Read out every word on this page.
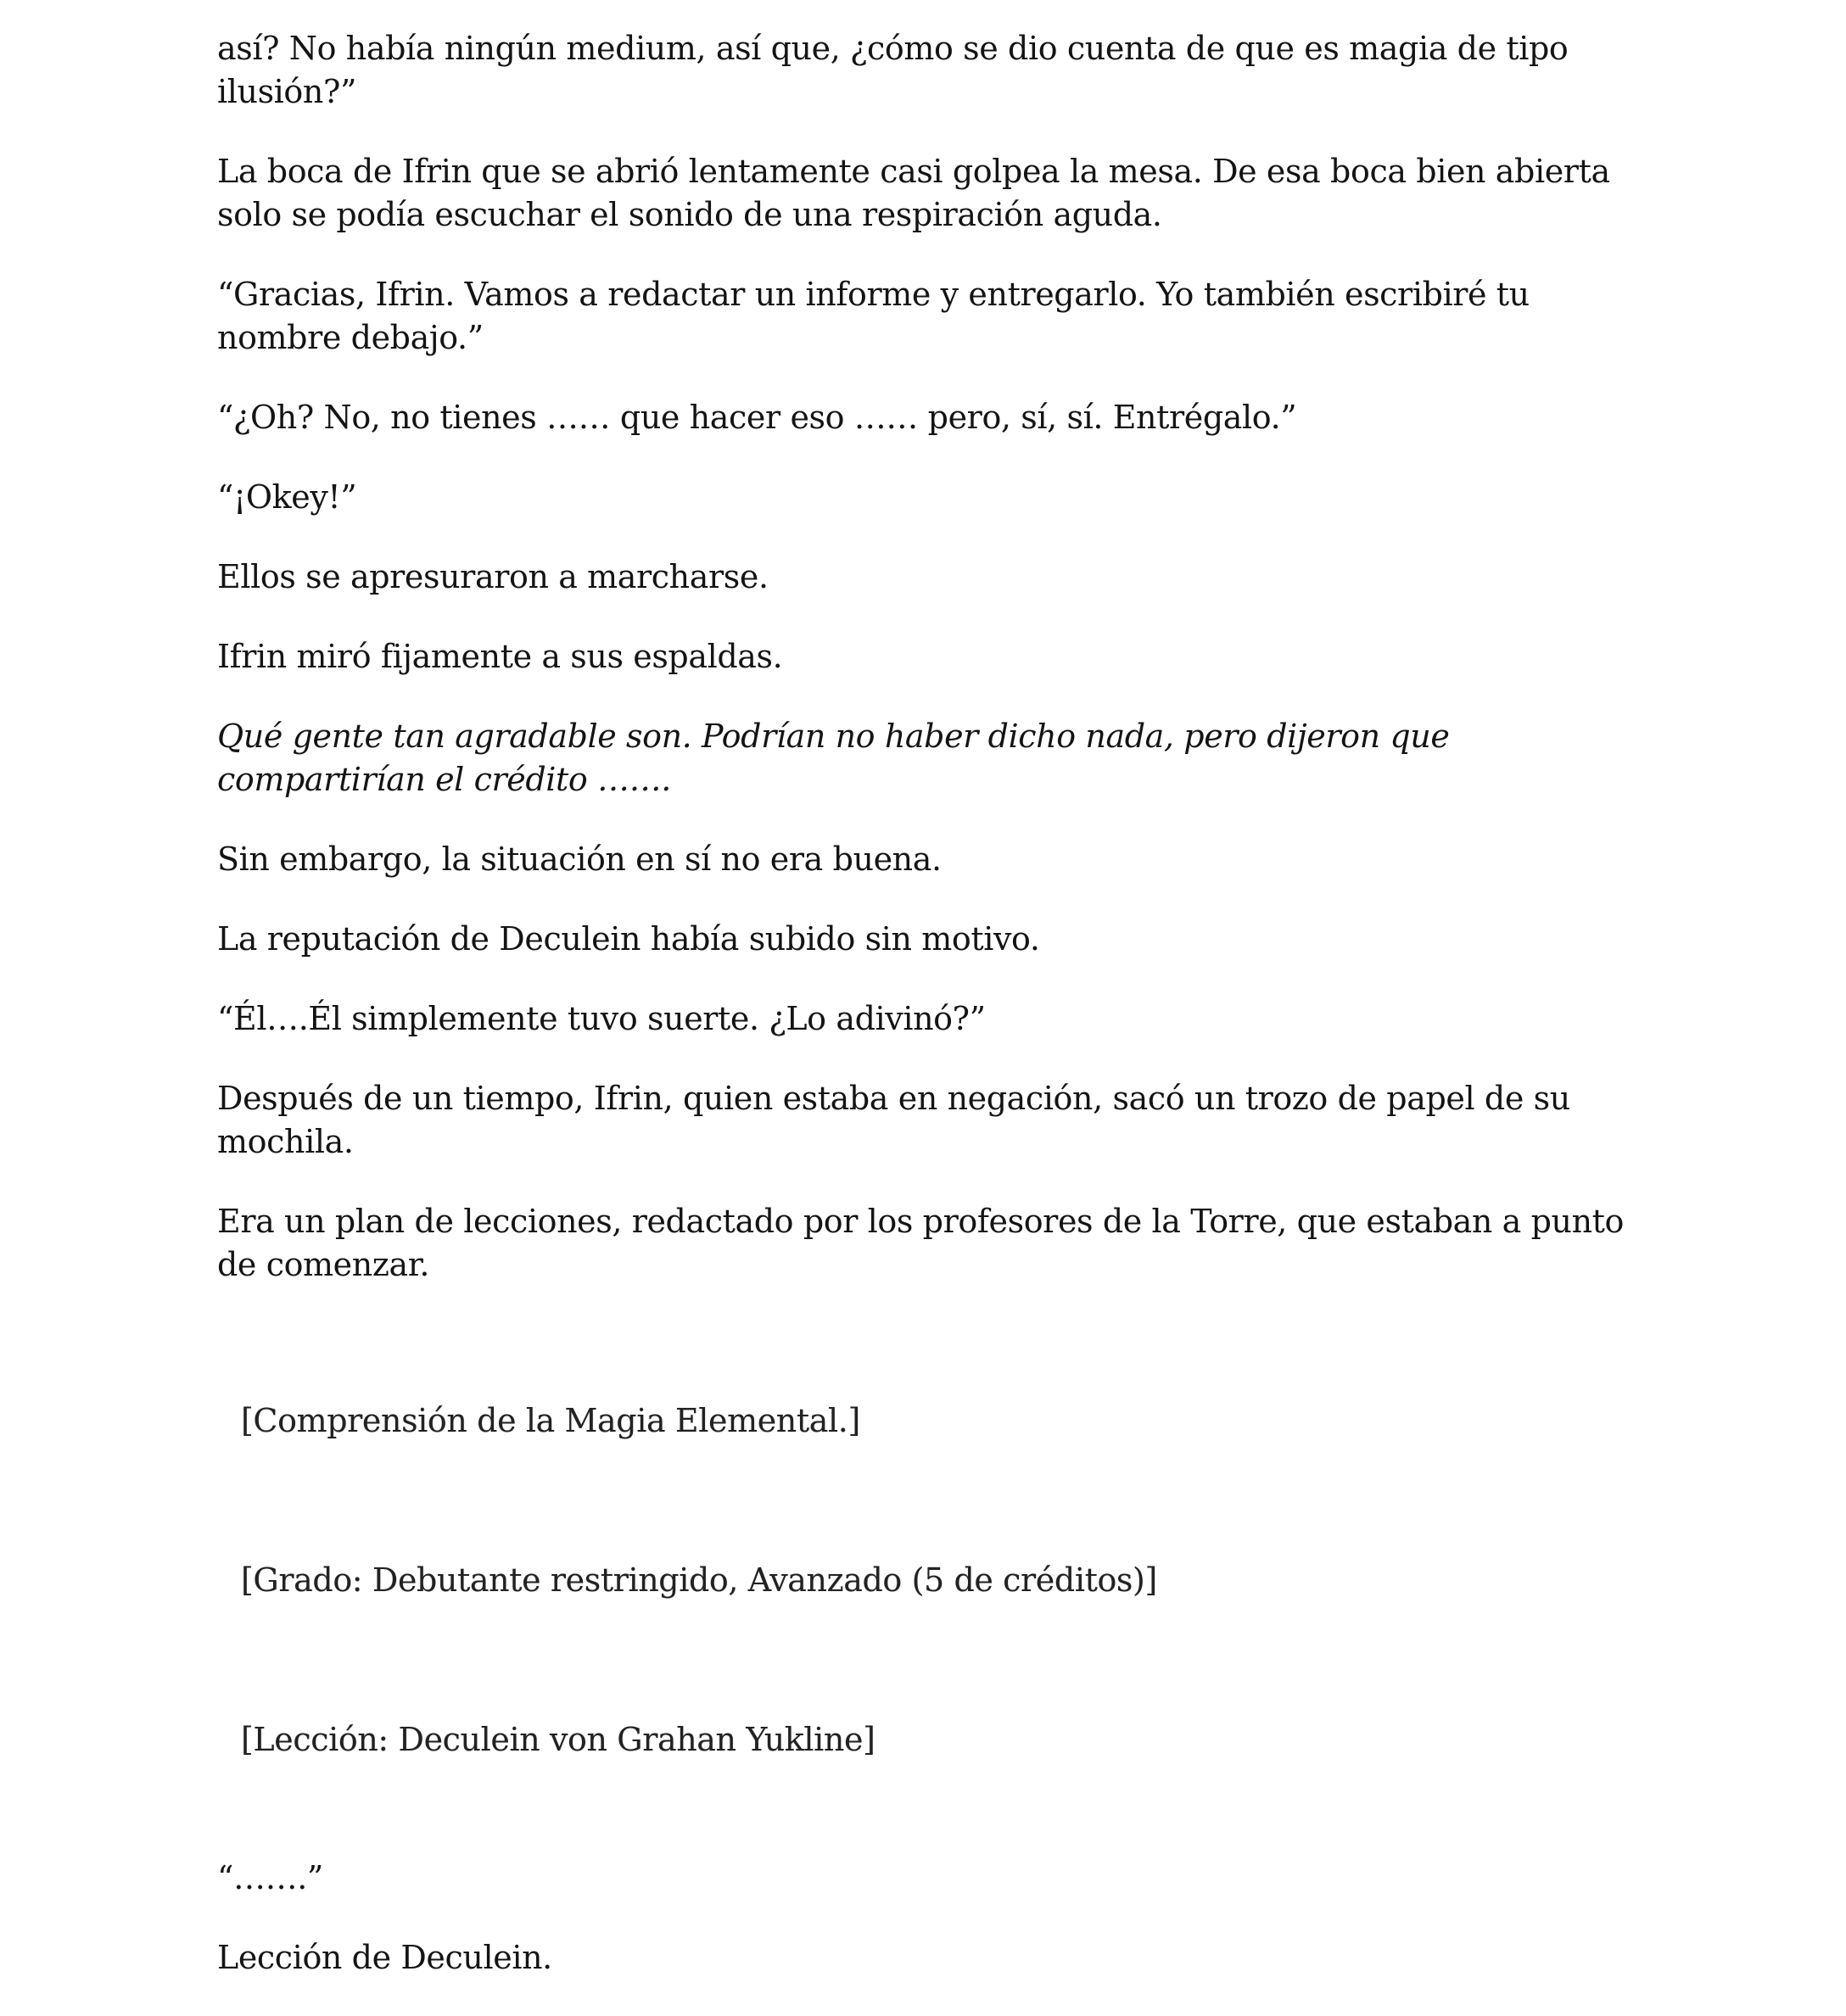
así? No había ningún medium, así que, ¿cómo se dio cuenta de que es magia de tipo ilusión?”

La boca de Ifrin que se abrió lentamente casi golpea la mesa. De esa boca bien abierta solo se podía escuchar el sonido de una respiración aguda.

“Gracias, Ifrin. Vamos a redactar un informe y entregarlo. Yo también escribiré tu nombre debajo.”

“¿Oh? No, no tienes …… que hacer eso …… pero, sí, sí. Entrégalo.”

“¡Okey!”

Ellos se apresuraron a marcharse.

Ifrin miró fijamente a sus espaldas.

Qué gente tan agradable son. Podrían no haber dicho nada, pero dijeron que compartirían el crédito …….

Sin embargo, la situación en sí no era buena.

La reputación de Deculein había subido sin motivo.

“Él….Él simplemente tuvo suerte. ¿Lo adivinó?”

Después de un tiempo, Ifrin, quien estaba en negación, sacó un trozo de papel de su mochila.

Era un plan de lecciones, redactado por los profesores de la Torre, que estaban a punto de comenzar.

[Comprensión de la Magia Elemental.]

[Grado: Debutante restringido, Avanzado (5 de créditos)]

[Lección: Deculein von Grahan Yukline]

“…….”

Lección de Deculein.
